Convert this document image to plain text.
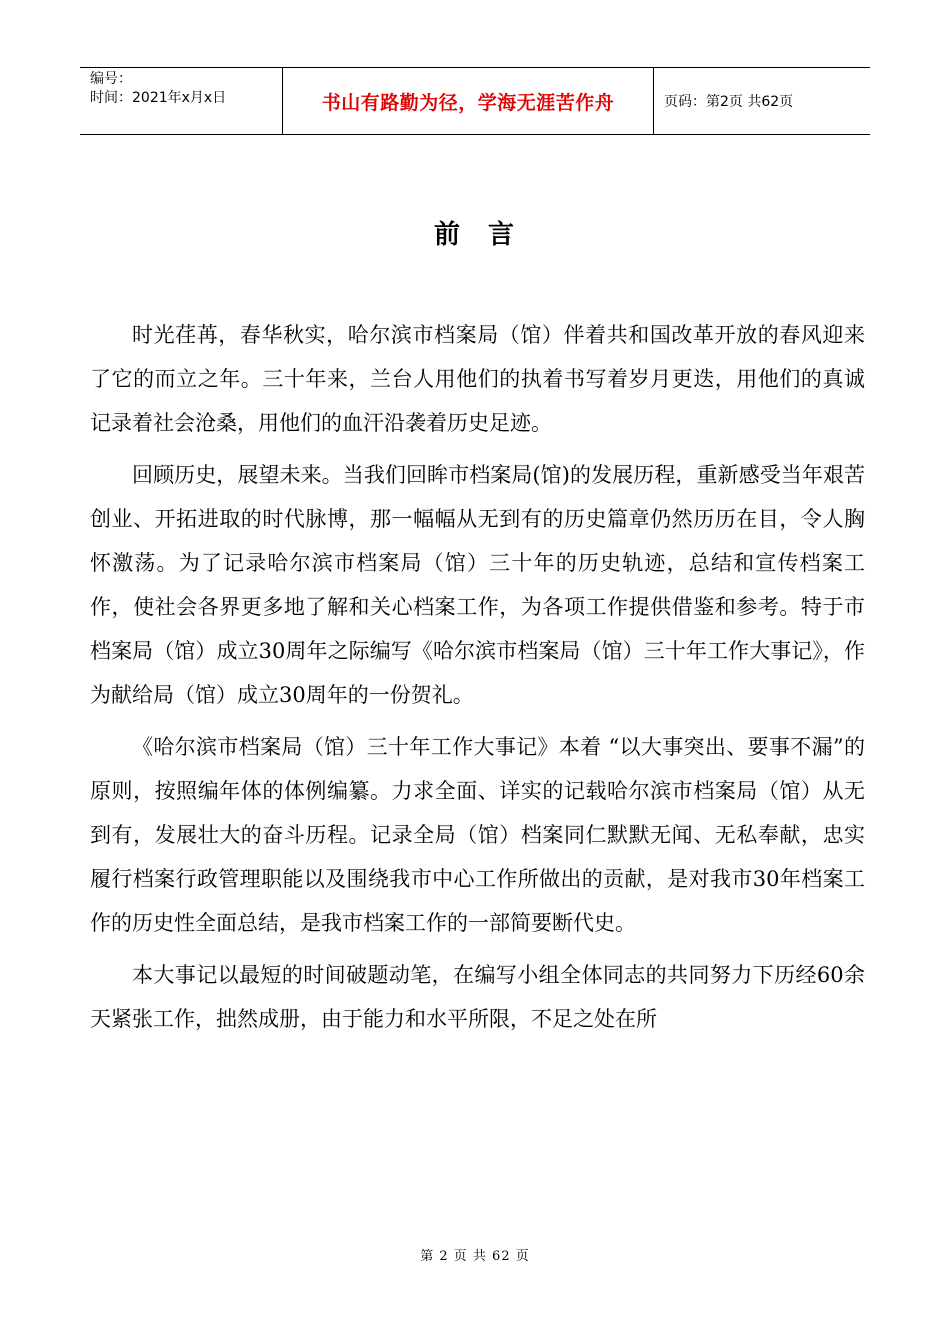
编号：
时间：2021年x月x日	书山有路勤为径，学海无涯苦作舟	页码：第2页 共62页
前 言

时光荏苒，春华秋实，哈尔滨市档案局（馆）伴着共和国改革开放的春风迎来了它的而立之年。三十年来，兰台人用他们的执着书写着岁月更迭，用他们的真诚记录着社会沧桑，用他们的血汗沿袭着历史足迹。

回顾历史，展望未来。当我们回眸市档案局(馆)的发展历程，重新感受当年艰苦创业、开拓进取的时代脉博，那一幅幅从无到有的历史篇章仍然历历在目，令人胸怀激荡。为了记录哈尔滨市档案局（馆）三十年的历史轨迹，总结和宣传档案工作，使社会各界更多地了解和关心档案工作，为各项工作提供借鉴和参考。特于市档案局（馆）成立30周年之际编写《哈尔滨市档案局（馆）三十年工作大事记》，作为献给局（馆）成立30周年的一份贺礼。

《哈尔滨市档案局（馆）三十年工作大事记》本着 “以大事突出、要事不漏”的原则，按照编年体的体例编纂。力求全面、详实的记载哈尔滨市档案局（馆）从无到有，发展壮大的奋斗历程。记录全局（馆）档案同仁默默无闻、无私奉献，忠实履行档案行政管理职能以及围绕我市中心工作所做出的贡献，是对我市30年档案工作的历史性全面总结，是我市档案工作的一部简要断代史。

本大事记以最短的时间破题动笔，在编写小组全体同志的共同努力下历经60余天紧张工作，拙然成册，由于能力和水平所限，不足之处在所

第 2 页 共 62 页
